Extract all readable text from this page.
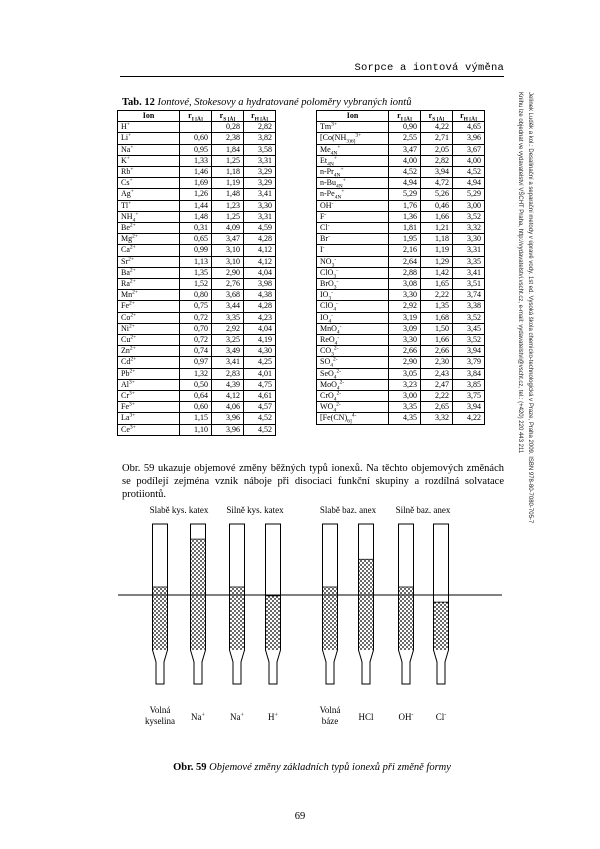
Sorpce a iontová výměna
Jelínek Luděk a kol.: Desalinační a separační metody v úpravě vody. 1st ed. Vysoká škola chemicko-technologická v Praze, Praha 2009. ISBN 978-80-7080-705-7
Knihu lze objednat ve vydavatelství VŠCHT Praha, http://vydavatelstvi.vscht.cz, e-mail: vydavatelstvi@vscht.cz, tel.: (+420) 220 443 211
Tab. 12 Iontové, Stokesovy a hydratované poloměry vybraných iontů
Ion	$r_{I [Å]}$	$r_{S [Å]}$	$r_{H [Å]}$
H+		0,28	2,82
Li+	0,60	2,38	3,82
Na+	0,95	1,84	3,58
K+	1,33	1,25	3,31
Rb+	1,46	1,18	3,29
Cs+	1,69	1,19	3,29
Ag+	1,26	1,48	3,41
Tl+	1,44	1,23	3,30
$NH_4^+$	1,48	1,25	3,31
$Be^{2+}$	0,31	4,09	4,59
$Mg^{2+}$	0,65	3,47	4,28
$Ca^{2+}$	0,99	3,10	4,12
$Sr^{2+}$	1,13	3,10	4,12
$Ba^{2+}$	1,35	2,90	4,04
$Ra^{2+}$	1,52	2,76	3,98
$Mn^{2+}$	0,80	3,68	4,38
$Fe^{2+}$	0,75	3,44	4,28
$Co^{2+}$	0,72	3,35	4,23
$Ni^{2+}$	0,70	2,92	4,04
$Cu^{2+}$	0,72	3,25	4,19
$Zn^{2+}$	0,74	3,49	4,30
$Cd^{2+}$	0,97	3,41	4,25
$Pb^{2+}$	1,32	2,83	4,01
$Al^{3+}$	0,50	4,39	4,75
$Cr^{3+}$	0,64	4,12	4,61
$Fe^{3+}$	0,60	4,06	4,57
$La^{3+}$	1,15	3,96	4,52
$Ce^{3+}$	1,10	3,96	4,52
Ion	$r_{I [Å]}$	$r_{S [Å]}$	$r_{H [Å]}$
$Tm^{3+}$	0,90	4,22	4,65
[$Co(NH_{3)6]}^{3+}$	2,55	2,71	3,96
$Me_{4N}^+$	3,47	2,05	3,67
$Et_{4N}^+$	4,00	2,82	4,00
$n-Pr_{4N}^+$	4,52	3,94	4,52
$n-Bu_{4N}^+$	4,94	4,72	4,94
$n-Pe_{4N}^+$	5,29	5,26	5,29
OH-	1,76	0,46	3,00
F-	1,36	1,66	3,52
Cl-	1,81	1,21	3,32
Br-	1,95	1,18	3,30
I-	2,16	1,19	3,31
$NO_3^-$	2,64	1,29	3,35
ClO$_3$-	2,88	1,42	3,41
BrO$_3$-	3,08	1,65	3,51
$IO_3^-$	3,30	2,22	3,74
ClO$_4$-	2,92	1,35	3,38
$IO_4^-$	3,19	1,68	3,52
MnO$_4$-	3,09	1,50	3,45
ReO$_4$-	3,30	1,66	3,52
$CO_3^{2-}$	2,66	2,66	3,94
$SO_4^{2-}$	2,90	2,30	3,79
SeO$_4^{2-}$	3,05	2,43	3,84
MoO$_4^{2-}$	3,23	2,47	3,85
CrO$_4^{2-}$	3,00	2,22	3,75
$WO_4^{2-}$	3,35	2,65	3,94
[$Fe(CN)_{6]}^{4-}$	4,35	3,32	4,22
Obr. 59 ukazuje objemové změny běžných typů ionexů. Na těchto objemových změnách se podílejí zejména vznik náboje při disociaci funkční skupiny a rozdílná solvatace protiiontů.
Slabě kys. katex Silně kys. katex	Slabě baz. anex Silně baz. anex
Volná kyselina Na+	Na+	H+
Volná báze HCl	OH- Cl-
Obr. 59 Objemové změny základních typů ionexů při změně formy
69
